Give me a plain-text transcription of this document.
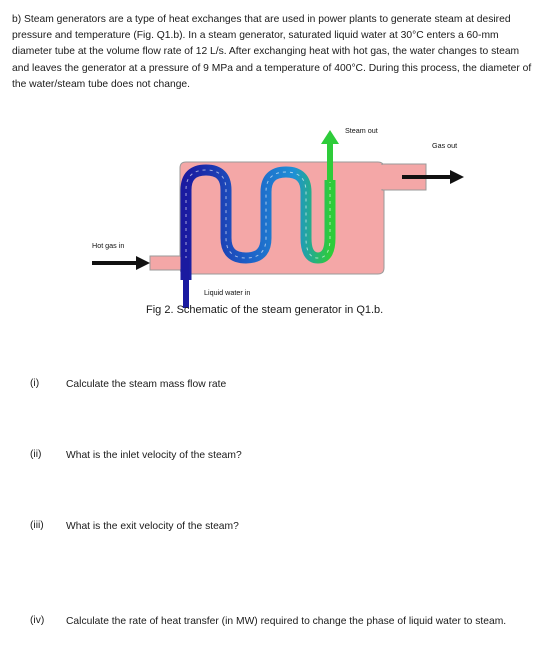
b) Steam generators are a type of heat exchanges that are used in power plants to generate steam at desired pressure and temperature (Fig. Q1.b). In a steam generator, saturated liquid water at 30°C enters a 60-mm diameter tube at the volume flow rate of 12 L/s. After exchanging heat with hot gas, the water changes to steam and leaves the generator at a pressure of 9 MPa and a temperature of 400°C. During this process, the diameter of the water/steam tube does not change.

Steam out
Gas out
Hot gas in
Liquid water in
Fig 2. Schematic of the steam generator in Q1.b.
(i)	Calculate the steam mass flow rate
(ii) What is the inlet velocity of the steam?
(iii) What is the exit velocity of the steam?
(iv) Calculate the rate of heat transfer (in MW) required to change the phase of liquid water to steam.
